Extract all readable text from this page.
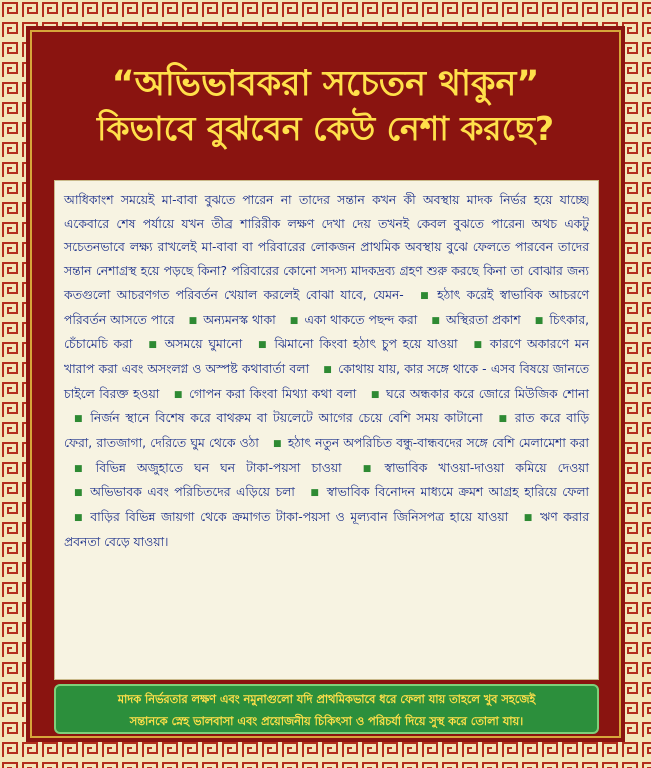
“অভিভাবকরা সচেতন থাকুন”
কিভাবে বুঝবেন কেউ নেশা করছে?
আধিকাংশ সময়েই মা-বাবা বুঝতে পারেন না তাদের সন্তান কখন কী অবস্থায় মাদক নির্ভর হয়ে যাচ্ছে৷ একেবারে শেষ পর্যায়ে যখন তীব্র শারিরীক লক্ষণ দেখা দেয় তখনই কেবল বুঝতে পারেন৷ অথচ একটু সচেতনভাবে লক্ষ্য রাখলেই মা-বাবা বা পরিবারের লোকজন প্রাথমিক অবস্থায় বুঝে ফেলতে পারবেন তাদের সন্তান নেশাগ্রস্থ হয়ে পড়ছে কিনা? পরিবারের কোনো সদস্য মাদকদ্রব্য গ্রহণ শুরু করছে কিনা তা বোঝার জন্য কতগুলো আচরণগত পরিবর্তন খেয়াল করলেই বোঝা যাবে, যেমন- ■ হঠাৎ করেই স্বাভাবিক আচরণে পরিবর্তন আসতে পারে ■ অন্যমনস্ক থাকা ■ একা থাকতে পছন্দ করা ■ অস্থিরতা প্রকাশ ■ চিৎকার, চেঁচামেচি করা ■ অসময়ে ঘুমানো ■ ঝিমানো কিংবা হঠাৎ চুপ হয়ে যাওয়া ■ কারণে অকারণে মন খারাপ করা এবং অসংলগ্ন ও অস্পষ্ট কথাবার্তা বলা ■ কোথায় যায়, কার সঙ্গে থাকে - এসব বিষয়ে জানতে চাইলে বিরক্ত হওয়া ■ গোপন করা কিংবা মিথ্যা কথা বলা ■ ঘরে অন্ধকার করে জোরে মিউজিক শোনা ■ নির্জন স্থানে বিশেষ করে বাথরুম বা টয়লেটে আগের চেয়ে বেশি সময় কাটানো ■ রাত করে বাড়ি ফেরা, রাতজাগা, দেরিতে ঘুম থেকে ওঠা ■ হঠাৎ নতুন অপরিচিত বন্ধু-বান্ধবদের সঙ্গে বেশি মেলামেশা করা ■ বিভিন্ন অজুহাতে ঘন ঘন টাকা-পয়সা চাওয়া ■ স্বাভাবিক খাওয়া-দাওয়া কমিয়ে দেওয়া ■ অভিভাবক এবং পরিচিতদের এড়িয়ে চলা ■ স্বাভাবিক বিনোদন মাধ্যমে ক্রমশ আগ্রহ হারিয়ে ফেলা ■ বাড়ির বিভিন্ন জায়গা থেকে ক্রমাগত টাকা-পয়সা ও মূল্যবান জিনিসপত্র হায়ে যাওয়া ■ ঋণ করার প্রবনতা বেড়ে যাওয়া।
মাদক নির্ভরতার লক্ষণ এবং নমুনাগুলো যদি প্রাথমিকভাবে ধরে ফেলা যায় তাহলে খুব সহজেই
সন্তানকে স্নেহ ভালবাসা এবং প্রয়োজনীয় চিকিৎসা ও পরিচর্যা দিয়ে সুস্থ করে তোলা যায়।
